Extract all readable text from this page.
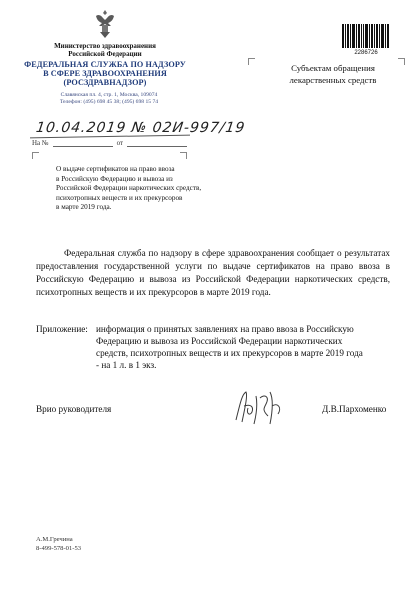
Министерство здравоохранения
Российской Федерации
ФЕДЕРАЛЬНАЯ СЛУЖБА ПО НАДЗОРУ
В СФЕРЕ ЗДРАВООХРАНЕНИЯ
(РОСЗДРАВНАДЗОР)
Славянская пл. 4, стр. 1, Москва, 109074
Телефон: (495) 698 45 38; (495) 698 15 74
2286726
Субъектам обращения
лекарственных средств
10.04.2019 № 02И-997/19
На №	от
О выдаче сертификатов на право ввоза
в Российскую Федерацию и вывоза из
Российской Федерации наркотических средств,
психотропных веществ и их прекурсоров
в марте 2019 года.
Федеральная служба по надзору в сфере здравоохранения сообщает о результатах предоставления государственной услуги по выдаче сертификатов на право ввоза в Российскую Федерацию и вывоза из Российской Федерации наркотических средств, психотропных веществ и их прекурсоров в марте 2019 года.
Приложение: информация о принятых заявлениях на право ввоза в Российскую
Федерацию и вывоза из Российской Федерации наркотических
средств, психотропных веществ и их прекурсоров в марте 2019 года
- на 1 л. в 1 экз.
Врио руководителя	Д.В.Пархоменко
А.М.Гречина
8-499-578-01-53
